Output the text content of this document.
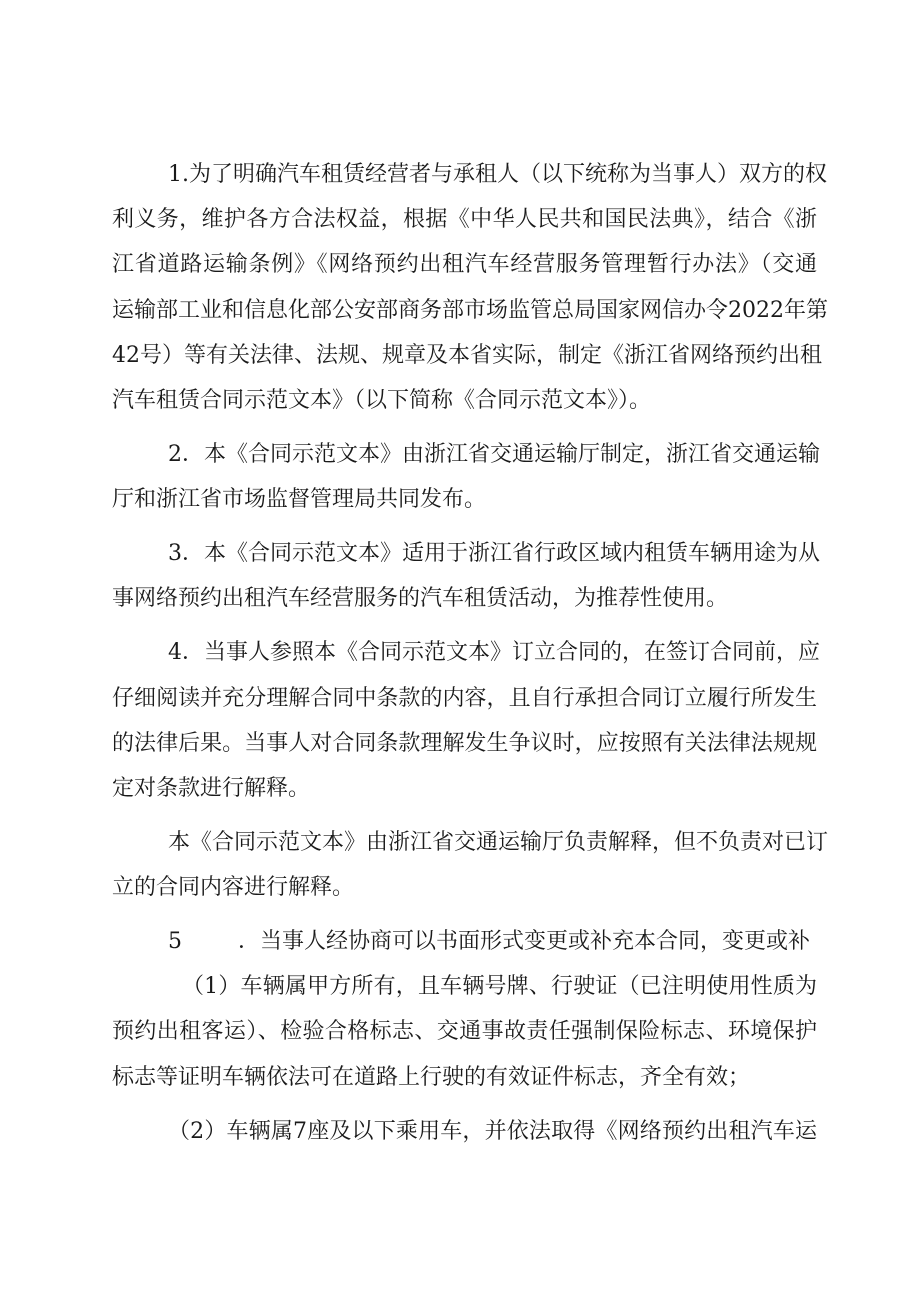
1.为了明确汽车租赁经营者与承租人（以下统称为当事人）双方的权
利义务，维护各方合法权益，根据《中华人民共和国民法典》，结合《浙
江省道路运输条例》《网络预约出租汽车经营服务管理暂行办法》（交通
运输部工业和信息化部公安部商务部市场监管总局国家网信办令2022年第
42号）等有关法律、法规、规章及本省实际，制定《浙江省网络预约出租
汽车租赁合同示范文本》（以下简称《合同示范文本》）。
2．本《合同示范文本》由浙江省交通运输厅制定，浙江省交通运输
厅和浙江省市场监督管理局共同发布。
3．本《合同示范文本》适用于浙江省行政区域内租赁车辆用途为从
事网络预约出租汽车经营服务的汽车租赁活动，为推荐性使用。
4．当事人参照本《合同示范文本》订立合同的，在签订合同前，应
仔细阅读并充分理解合同中条款的内容，且自行承担合同订立履行所发生
的法律后果。当事人对合同条款理解发生争议时，应按照有关法律法规规
定对条款进行解释。
本《合同示范文本》由浙江省交通运输厅负责解释，但不负责对已订
立的合同内容进行解释。
5        ．当事人经协商可以书面形式变更或补充本合同，变更或补
（1）车辆属甲方所有，且车辆号牌、行驶证（已注明使用性质为
预约出租客运）、检验合格标志、交通事故责任强制保险标志、环境保护
标志等证明车辆依法可在道路上行驶的有效证件标志，齐全有效；
（2）车辆属7座及以下乘用车，并依法取得《网络预约出租汽车运
